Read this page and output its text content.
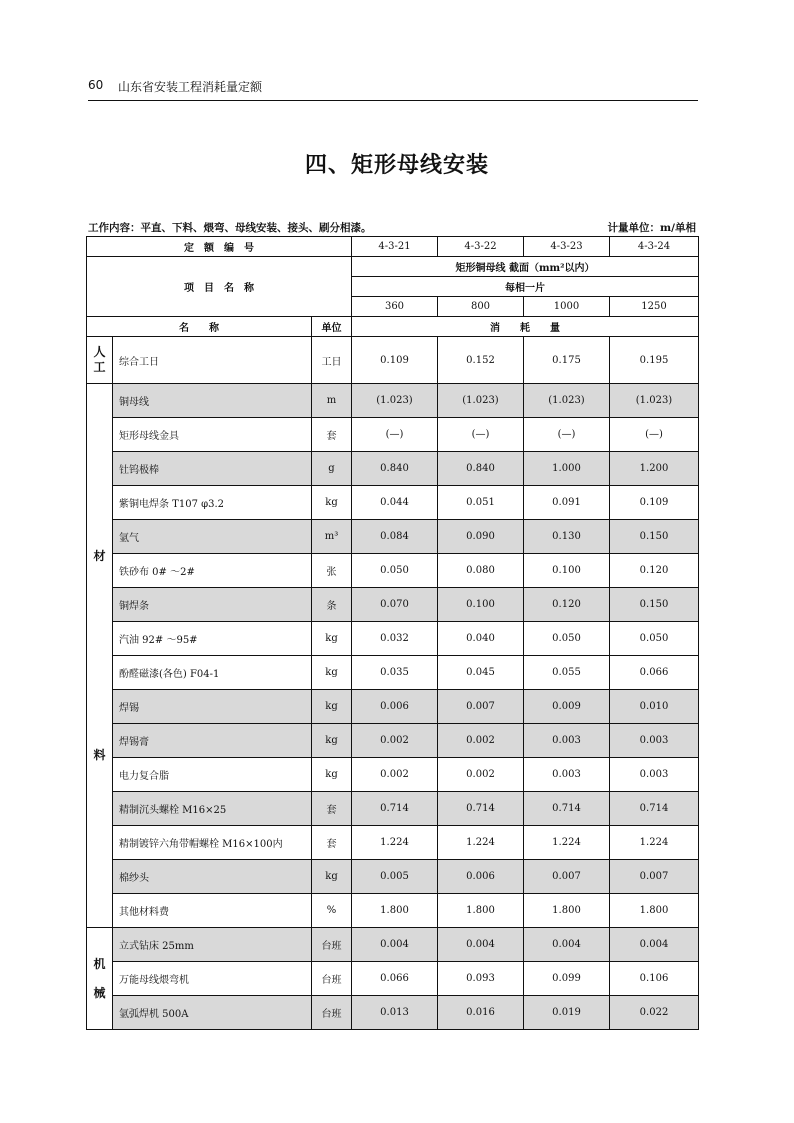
60 山东省安装工程消耗量定额
四、矩形母线安装
工作内容：平直、下料、煨弯、母线安装、接头、刷分相漆。	计量单位：m/单相
定　额　编　号			4-3-21	4-3-22	4-3-23	4-3-24
项　目　名　称			矩形铜母线 截面（mm²以内）			
			每相一片			
			360	800	1000	1250
名　　称		单位	消　　耗　　量			

人工	综合工日	工日	0.109	0.152	0.175	0.195

材
料	铜母线	m	(1.023)	(1.023)	(1.023)	(1.023)
	矩形母线金具	套	(—)	(—)	(—)	(—)
	钍钨极棒	g	0.840	0.840	1.000	1.200
	紫铜电焊条 T107 φ3.2	kg	0.044	0.051	0.091	0.109
	氩气	m³	0.084	0.090	0.130	0.150
	铁砂布 0# ～2#	张	0.050	0.080	0.100	0.120
	铜焊条	条	0.070	0.100	0.120	0.150
	汽油 92# ～95#	kg	0.032	0.040	0.050	0.050
	酚醛磁漆(各色) F04-1	kg	0.035	0.045	0.055	0.066
	焊锡	kg	0.006	0.007	0.009	0.010
	焊锡膏	kg	0.002	0.002	0.003	0.003
	电力复合脂	kg	0.002	0.002	0.003	0.003
	精制沉头螺栓 M16×25	套	0.714	0.714	0.714	0.714
	精制镀锌六角带帽螺栓 M16×100内	套	1.224	1.224	1.224	1.224
	棉纱头	kg	0.005	0.006	0.007	0.007
	其他材料费	%	1.800	1.800	1.800	1.800

机
械	立式钻床 25mm	台班	0.004	0.004	0.004	0.004
	万能母线煨弯机	台班	0.066	0.093	0.099	0.106
	氩弧焊机 500A	台班	0.013	0.016	0.019	0.022
